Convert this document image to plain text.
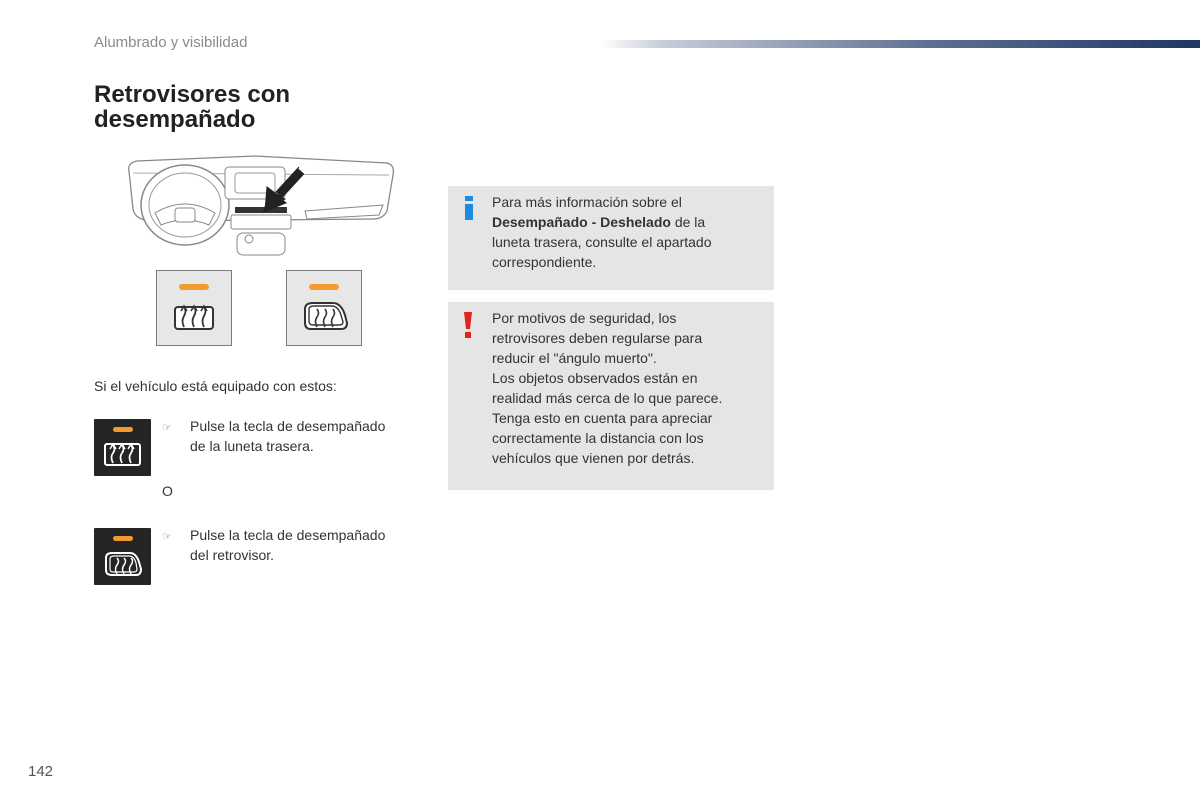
Alumbrado y visibilidad
Retrovisores con desempañado
Si el vehículo está equipado con estos:
☞ Pulse la tecla de desempañado
de la luneta trasera.
O
☞ Pulse la tecla de desempañado
del retrovisor.
Para más información sobre el
Desempañado - Deshelado de la
luneta trasera, consulte el apartado
correspondiente.
Por motivos de seguridad, los
retrovisores deben regularse para
reducir el "ángulo muerto".
Los objetos observados están en
realidad más cerca de lo que parece.
Tenga esto en cuenta para apreciar
correctamente la distancia con los
vehículos que vienen por detrás.
142
